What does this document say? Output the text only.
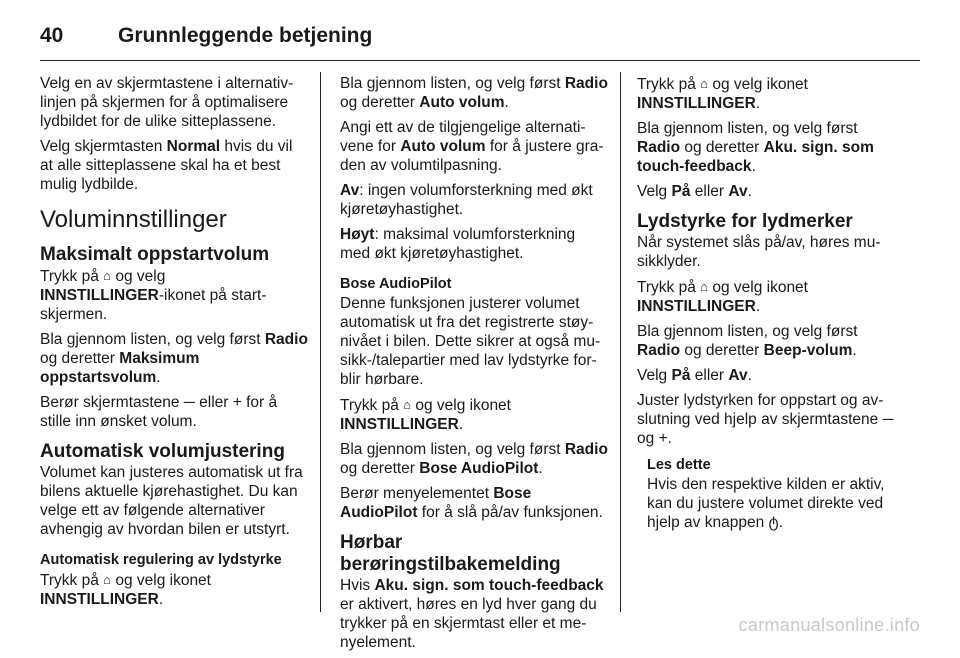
40	Grunnleggende betjening

Velg en av skjermtastene i alternativ-linjen på skjermen for å optimalisere lydbildet for de ulike sitteplassene.

Velg skjermtasten Normal hvis du vil at alle sitteplassene skal ha et best mulig lydbilde.

Voluminnstillinger
Maksimalt oppstartvolum

Trykk på ⌂ og velg
INNSTILLINGER-ikonet på start-skjermen.

Bla gjennom listen, og velg først Radio og deretter Maksimum oppstartsvolum.

Berør skjermtastene ─ eller + for å stille inn ønsket volum.

Automatisk volumjustering

Volumet kan justeres automatisk ut fra bilens aktuelle kjørehastighet. Du kan velge ett av følgende alternativer avhengig av hvordan bilen er utstyrt.

Automatisk regulering av lydstyrke

Trykk på ⌂ og velg ikonet
INNSTILLINGER.

Bla gjennom listen, og velg først Radio og deretter Auto volum.

Angi ett av de tilgjengelige alternati-vene for Auto volum for å justere gra-den av volumtilpasning.

Av: ingen volumforsterkning med økt kjøretøyhastighet.

Høyt: maksimal volumforsterkning med økt kjøretøyhastighet.

Bose AudioPilot

Denne funksjonen justerer volumet automatisk ut fra det registrerte støy-nivået i bilen. Dette sikrer at også mu-sikk-/talepartier med lav lydstyrke for-blir hørbare.

Trykk på ⌂ og velg ikonet
INNSTILLINGER.

Bla gjennom listen, og velg først Radio og deretter Bose AudioPilot.

Berør menyelementet Bose AudioPilot for å slå på/av funksjonen.

Hørbar berøringstilbakemelding

Hvis Aku. sign. som touch-feedback er aktivert, høres en lyd hver gang du trykker på en skjermtast eller et me-nyelement.

Trykk på ⌂ og velg ikonet
INNSTILLINGER.

Bla gjennom listen, og velg først Radio og deretter Aku. sign. som touch-feedback.

Velg På eller Av.

Lydstyrke for lydmerker

Når systemet slås på/av, høres mu-sikklyder.

Trykk på ⌂ og velg ikonet
INNSTILLINGER.

Bla gjennom listen, og velg først Radio og deretter Beep-volum.

Velg På eller Av.

Juster lydstyrken for oppstart og av-slutning ved hjelp av skjermtastene ─ og +.

Les dette
Hvis den respektive kilden er aktiv, kan du justere volumet direkte ved hjelp av knappen ტ.
carmanualsonline.info
